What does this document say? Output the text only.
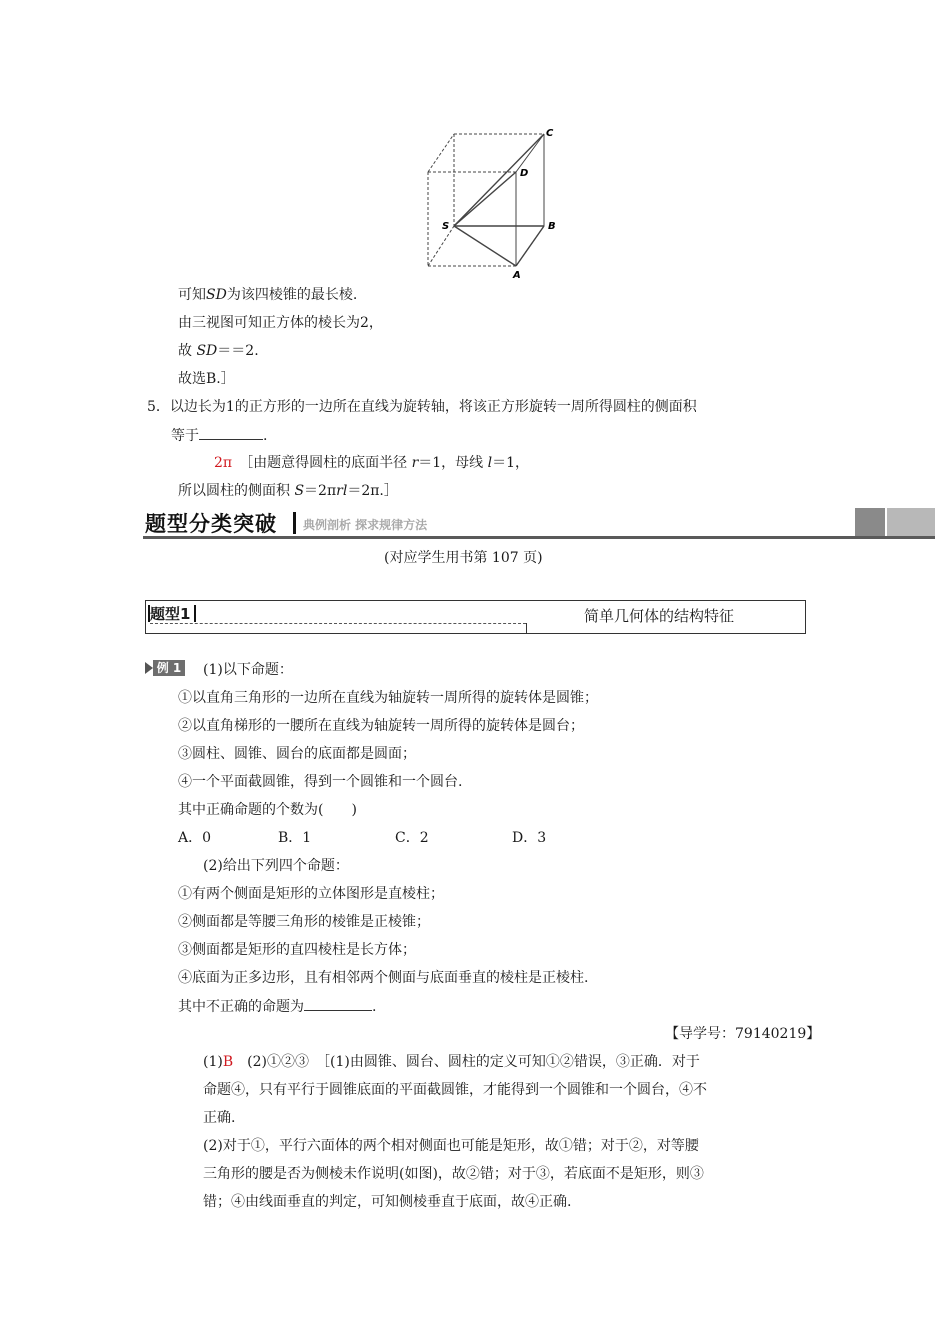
C
D
S	B
A
可知SD为该四棱锥的最长棱.
由三视图可知正方体的棱长为2，
故 SD＝＝2.
故选B.］
5．以边长为1的正方形的一边所在直线为旋转轴，将该正方形旋转一周所得圆柱的侧面积
等于	.
2π　 ［由题意得圆柱的底面半径 r＝1，母线 l＝1，
所以圆柱的侧面积 S＝2πrl＝2π.］
题型分类突破 典例剖析 探求规律方法
(对应学生用书第 107 页)
题型1	简单几何体的结构特征
例 1 (1)以下命题：
①以直角三角形的一边所在直线为轴旋转一周所得的旋转体是圆锥；
②以直角梯形的一腰所在直线为轴旋转一周所得的旋转体是圆台；
③圆柱、圆锥、圆台的底面都是圆面；
④一个平面截圆锥，得到一个圆锥和一个圆台.
其中正确命题的个数为(　　)
A．0	B．1	C．2	D．3
(2)给出下列四个命题：
①有两个侧面是矩形的立体图形是直棱柱；
②侧面都是等腰三角形的棱锥是正棱锥；
③侧面都是矩形的直四棱柱是长方体；
④底面为正多边形，且有相邻两个侧面与底面垂直的棱柱是正棱柱.
其中不正确的命题为	.
【导学号：79140219】
(1)B　 (2)①②③　 ［(1)由圆锥、圆台、圆柱的定义可知①②错误，③正确．对于
命题④，只有平行于圆锥底面的平面截圆锥，才能得到一个圆锥和一个圆台，④不
正确.
(2)对于①，平行六面体的两个相对侧面也可能是矩形，故①错；对于②，对等腰
三角形的腰是否为侧棱未作说明(如图)，故②错；对于③，若底面不是矩形，则③
错；④由线面垂直的判定，可知侧棱垂直于底面，故④正确.
